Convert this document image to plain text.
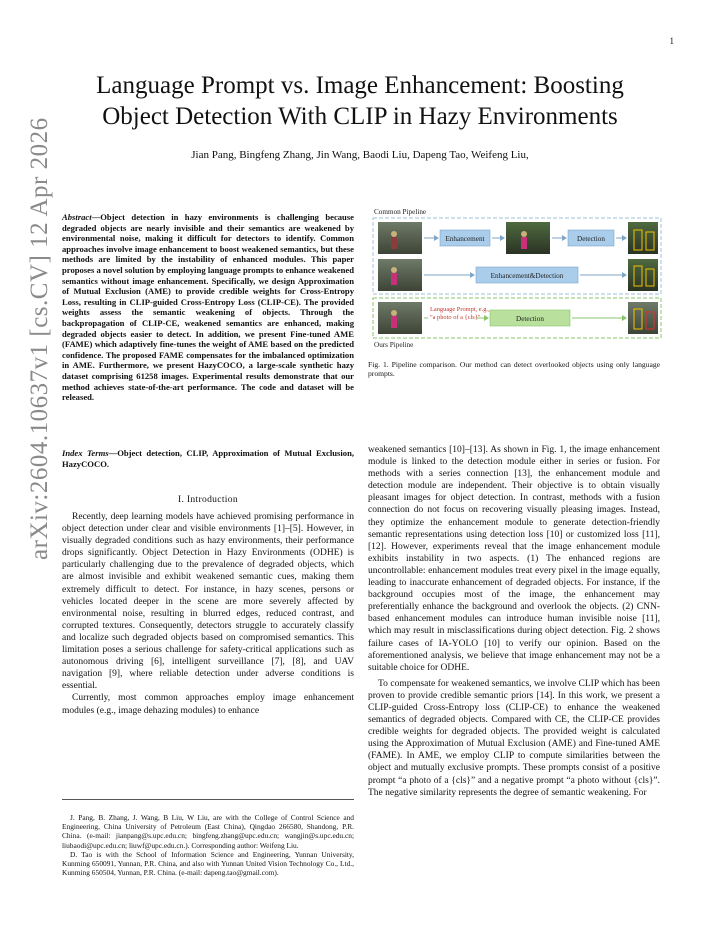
1
arXiv:2604.10637v1 [cs.CV] 12 Apr 2026
Language Prompt vs. Image Enhancement: Boosting
Object Detection With CLIP in Hazy Environments
Jian Pang, Bingfeng Zhang, Jin Wang, Baodi Liu, Dapeng Tao, Weifeng Liu,

Abstract—Object detection in hazy environments is challenging because degraded objects are nearly invisible and their semantics are weakened by environmental noise, making it difficult for detectors to identify. Common approaches involve image enhancement to boost weakened semantics, but these methods are limited by the instability of enhanced modules. This paper proposes a novel solution by employing language prompts to enhance weakened semantics without image enhancement. Specifically, we design Approximation of Mutual Exclusion (AME) to provide credible weights for Cross-Entropy Loss, resulting in CLIP-guided Cross-Entropy Loss (CLIP-CE). The provided weights assess the semantic weakening of objects. Through the backpropagation of CLIP-CE, weakened semantics are enhanced, making degraded objects easier to detect. In addition, we present Fine-tuned AME (FAME) which adaptively fine-tunes the weight of AME based on the predicted confidence. The proposed FAME compensates for the imbalanced optimization in AME. Furthermore, we present HazyCOCO, a large-scale synthetic hazy dataset comprising 61258 images. Experimental results demonstrate that our method achieves state-of-the-art performance. The code and dataset will be released.

Index Terms—Object detection, CLIP, Approximation of Mutual Exclusion, HazyCOCO.

I. Introduction

Recently, deep learning models have achieved promising performance in object detection under clear and visible environments [1]–[5]. However, in visually degraded conditions such as hazy environments, their performance drops significantly. Object Detection in Hazy Environments (ODHE) is particularly challenging due to the prevalence of degraded objects, which are almost invisible and exhibit weakened semantic cues, making them extremely difficult to detect. For instance, in hazy scenes, persons or vehicles located deeper in the scene are more severely affected by environmental noise, resulting in blurred edges, reduced contrast, and corrupted textures. Consequently, detectors struggle to accurately classify and localize such degraded objects based on compromised semantics. This limitation poses a serious challenge for safety-critical applications such as autonomous driving [6], intelligent surveillance [7], [8], and UAV navigation [9], where reliable detection under adverse conditions is essential.

Currently, most common approaches employ image enhancement modules (e.g., image dehazing modules) to enhance

J. Pang, B. Zhang, J. Wang, B Liu, W Liu, are with the College of Control Science and Engineering, China University of Petroleum (East China), Qingdao 266580, Shandong, P.R. China. (e-mail: jianpang@s.upc.edu.cn; bingfeng.zhang@upc.edu.cn; wangjin@s.upc.edu.cn; liubaodi@upc.edu.cn; liuwf@upc.edu.cn.). Corresponding author: Weifeng Liu.

D. Tao is with the School of Information Science and Engineering, Yunnan University, Kunming 650091, Yunnan, P.R. China, and also with Yunnan United Vision Technology Co., Ltd., Kunming 650504, Yunnan, P.R. China. (e-mail: dapeng.tao@gmail.com).

Common Pipeline
Enhancement	Detection
Enhancement&Detection
Language Prompt, e.g.,
"a photo of a {cls}"	Detection
Ours Pipeline
Fig. 1. Pipeline comparison. Our method can detect overlooked objects using only language prompts.

weakened semantics [10]–[13]. As shown in Fig. 1, the image enhancement module is linked to the detection module either in series or fusion. For methods with a series connection [13], the enhancement module and detection module are independent. Their objective is to obtain visually pleasant images for object detection. In contrast, methods with a fusion connection do not focus on recovering visually pleasing images. Instead, they optimize the enhancement module to generate detection-friendly semantic representations using detection loss [10] or customized loss [11], [12]. However, experiments reveal that the image enhancement module exhibits instability in two aspects. (1) The enhanced regions are uncontrollable: enhancement modules treat every pixel in the image equally, leading to inaccurate enhancement of degraded objects. For instance, if the background occupies most of the image, the enhancement may preferentially enhance the background and overlook the objects. (2) CNN-based enhancement modules can introduce human invisible noise [11], which may result in misclassifications during object detection. Fig. 2 shows failure cases of IA-YOLO [10] to verify our opinion. Based on the aforementioned analysis, we believe that image enhancement may not be a suitable choice for ODHE.

To compensate for weakened semantics, we involve CLIP which has been proven to provide credible semantic priors [14]. In this work, we present a CLIP-guided Cross-Entropy loss (CLIP-CE) to enhance the weakened semantics of degraded objects. Compared with CE, the CLIP-CE provides credible weights for degraded objects. The provided weight is calculated using the Approximation of Mutual Exclusion (AME) and Fine-tuned AME (FAME). In AME, we employ CLIP to compute similarities between the object and mutually exclusive prompts. These prompts consist of a positive prompt “a photo of a {cls}” and a negative prompt “a photo without {cls}”. The negative similarity represents the degree of semantic weakening. For
